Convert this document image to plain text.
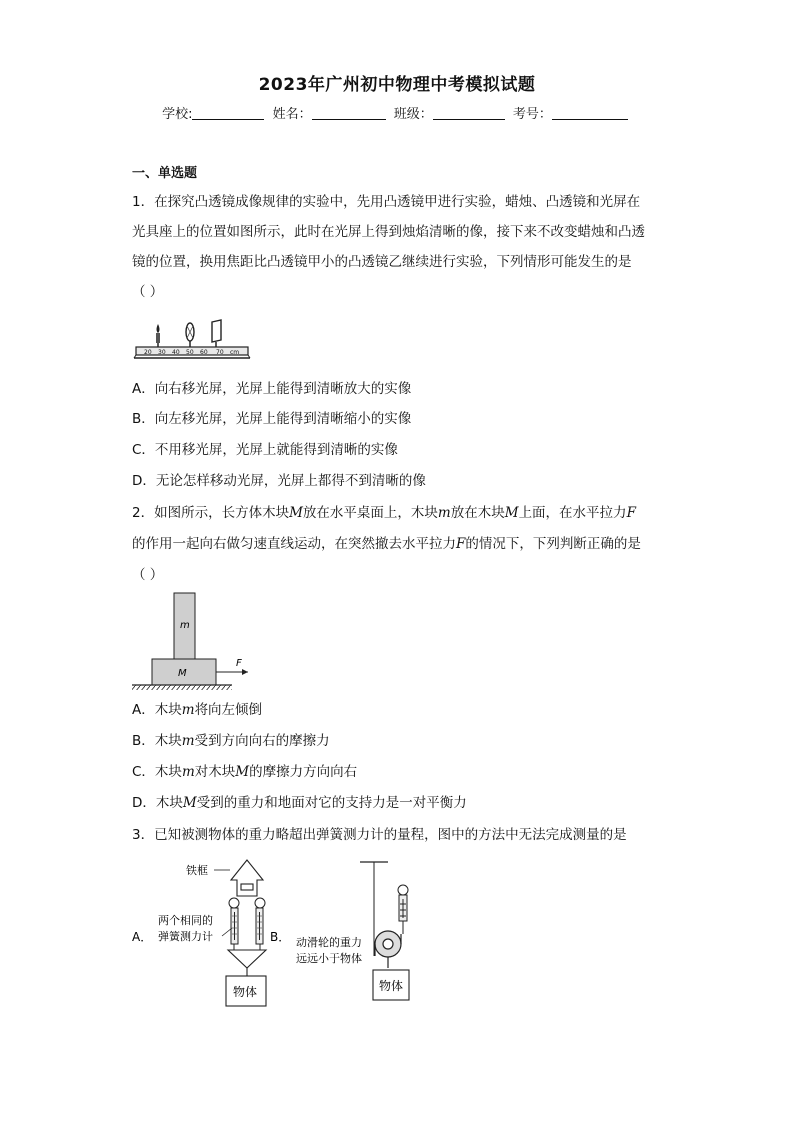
2023年广州初中物理中考模拟试题
学校:	姓名：	班级：	考号：
一、单选题
1．在探究凸透镜成像规律的实验中，先用凸透镜甲进行实验，蜡烛、凸透镜和光屏在
光具座上的位置如图所示，此时在光屏上得到烛焰清晰的像，接下来不改变蜡烛和凸透
镜的位置，换用焦距比凸透镜甲小的凸透镜乙继续进行实验，下列情形可能发生的是
（ ）
20 30 40 50 60 70 cm
A．向右移光屏，光屏上能得到清晰放大的实像
B．向左移光屏，光屏上能得到清晰缩小的实像
C．不用移光屏，光屏上就能得到清晰的实像
D．无论怎样移动光屏，光屏上都得不到清晰的像
2．如图所示，长方体木块M放在水平桌面上，木块m放在木块M上面，在水平拉力F
的作用一起向右做匀速直线运动，在突然撤去水平拉力F的情况下，下列判断正确的是
（ ）
m
M
F
A．木块m将向左倾倒
B．木块m受到方向向右的摩擦力
C．木块m对木块M的摩擦力方向向右
D．木块M受到的重力和地面对它的支持力是一对平衡力
3．已知被测物体的重力略超出弹簧测力计的量程，图中的方法中无法完成测量的是
A．
铁框
两个相同的
弹簧测力计
物体
B． 动滑轮的重力
远远小于物体
物体
